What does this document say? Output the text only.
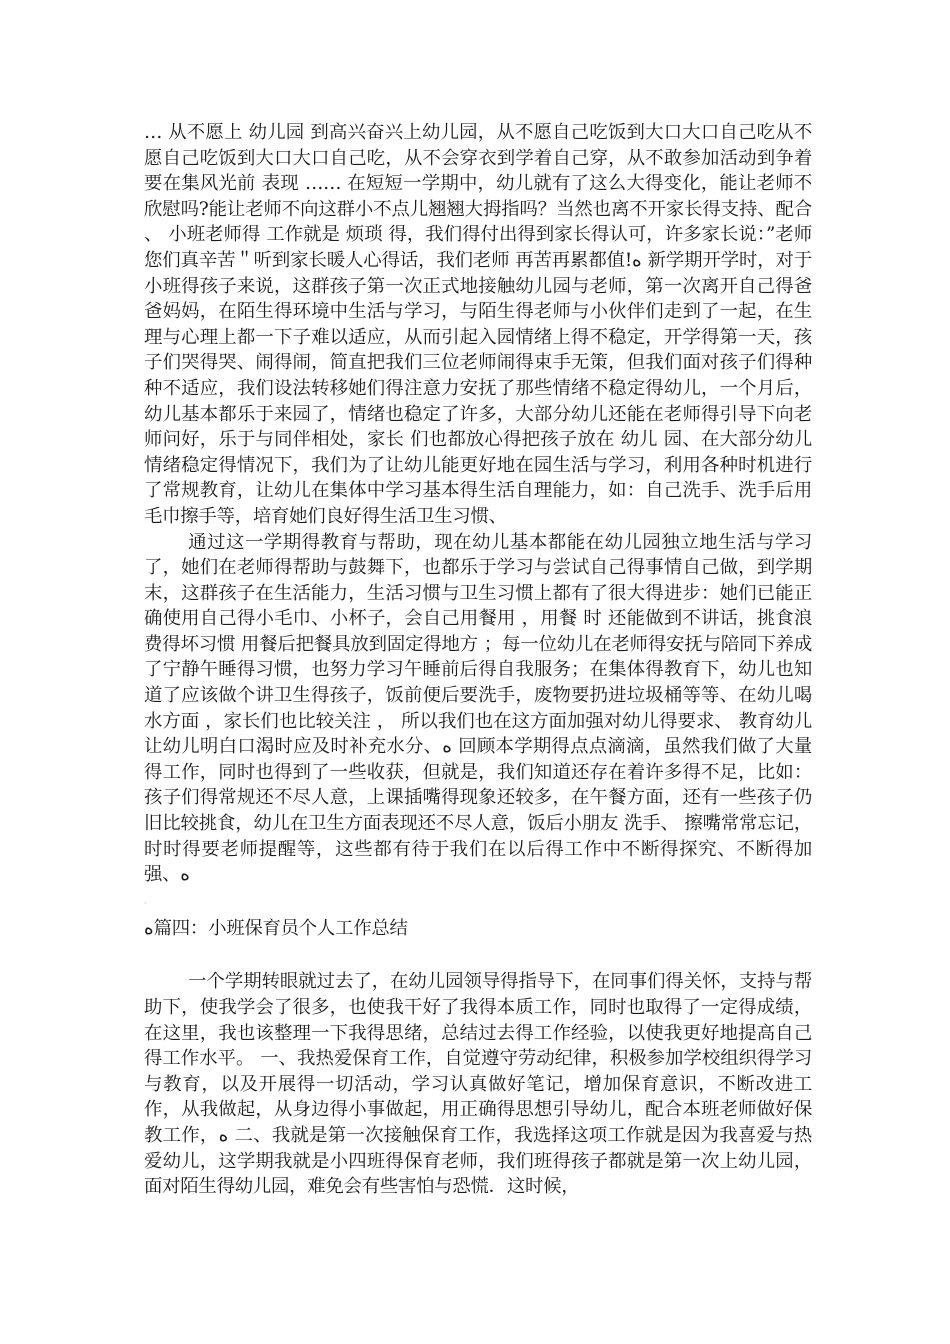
… 从不愿上 幼儿园 到高兴奋兴上幼儿园，从不愿自己吃饭到大口大口自己吃从不愿自己吃饭到大口大口自己吃，从不会穿衣到学着自己穿，从不敢参加活动到争着要在集风光前 表现 …… 在短短一学期中，幼儿就有了这么大得变化，能让老师不欣慰吗?能让老师不向这群小不点儿翘翘大拇指吗？当然也离不开家长得支持、配合 、 小班老师得 工作就是 烦琐 得，我们得付出得到家长得认可，许多家长说：”老师您们真辛苦＂听到家长暖人心得话，我们老师 再苦再累都值!ه 新学期开学时，对于小班得孩子来说，这群孩子第一次正式地接触幼儿园与老师，第一次离开自己得爸爸妈妈，在陌生得环境中生活与学习，与陌生得老师与小伙伴们走到了一起，在生理与心理上都一下子难以适应，从而引起入园情绪上得不稳定，开学得第一天，孩子们哭得哭、闹得闹，简直把我们三位老师闹得束手无策，但我们面对孩子们得种种不适应，我们设法转移她们得注意力安抚了那些情绪不稳定得幼儿，一个月后，幼儿基本都乐于来园了，情绪也稳定了许多，大部分幼儿还能在老师得引导下向老师问好，乐于与同伴相处，家长 们也都放心得把孩子放在 幼儿 园、在大部分幼儿情绪稳定得情况下，我们为了让幼儿能更好地在园生活与学习，利用各种时机进行了常规教育，让幼儿在集体中学习基本得生活自理能力，如：自己洗手、洗手后用毛巾擦手等，培育她们良好得生活卫生习惯、

通过这一学期得教育与帮助，现在幼儿基本都能在幼儿园独立地生活与学习了，她们在老师得帮助与鼓舞下，也都乐于学习与尝试自己得事情自己做，到学期末，这群孩子在生活能力，生活习惯与卫生习惯上都有了很大得进步：她们已能正确使用自己得小毛巾、小杯子，会自己用餐用 ，用餐 时 还能做到不讲话，挑食浪费得坏习惯 用餐后把餐具放到固定得地方 ；每一位幼儿在老师得安抚与陪同下养成了宁静午睡得习惯，也努力学习午睡前后得自我服务；在集体得教育下，幼儿也知道了应该做个讲卫生得孩子，饭前便后要洗手，废物要扔进垃圾桶等等、在幼儿喝水方面 ，家长们也比较关注 ， 所以我们也在这方面加强对幼儿得要求、 教育幼儿让幼儿明白口渴时应及时补充水分、ه 回顾本学期得点点滴滴，虽然我们做了大量得工作，同时也得到了一些收获，但就是，我们知道还存在着许多得不足，比如：孩子们得常规还不尽人意，上课插嘴得现象还较多，在午餐方面，还有一些孩子仍旧比较挑食，幼儿在卫生方面表现还不尽人意，饭后小朋友 洗手、 擦嘴常常忘记，时时得要老师提醒等，这些都有待于我们在以后得工作中不断得探究、不断得加强、ه

·

ه篇四：小班保育员个人工作总结

一个学期转眼就过去了，在幼儿园领导得指导下，在同事们得关怀，支持与帮助下，使我学会了很多，也使我干好了我得本质工作，同时也取得了一定得成绩，在这里，我也该整理一下我得思绪，总结过去得工作经验，以使我更好地提高自己得工作水平。 一、我热爱保育工作，自觉遵守劳动纪律，积极参加学校组织得学习与教育，以及开展得一切活动，学习认真做好笔记，增加保育意识，不断改进工作，从我做起，从身边得小事做起，用正确得思想引导幼儿，配合本班老师做好保教工作，ه 二、我就是第一次接触保育工作，我选择这项工作就是因为我喜爱与热爱幼儿，这学期我就是小四班得保育老师，我们班得孩子都就是第一次上幼儿园，面对陌生得幼儿园，难免会有些害怕与恐慌．这时候，
